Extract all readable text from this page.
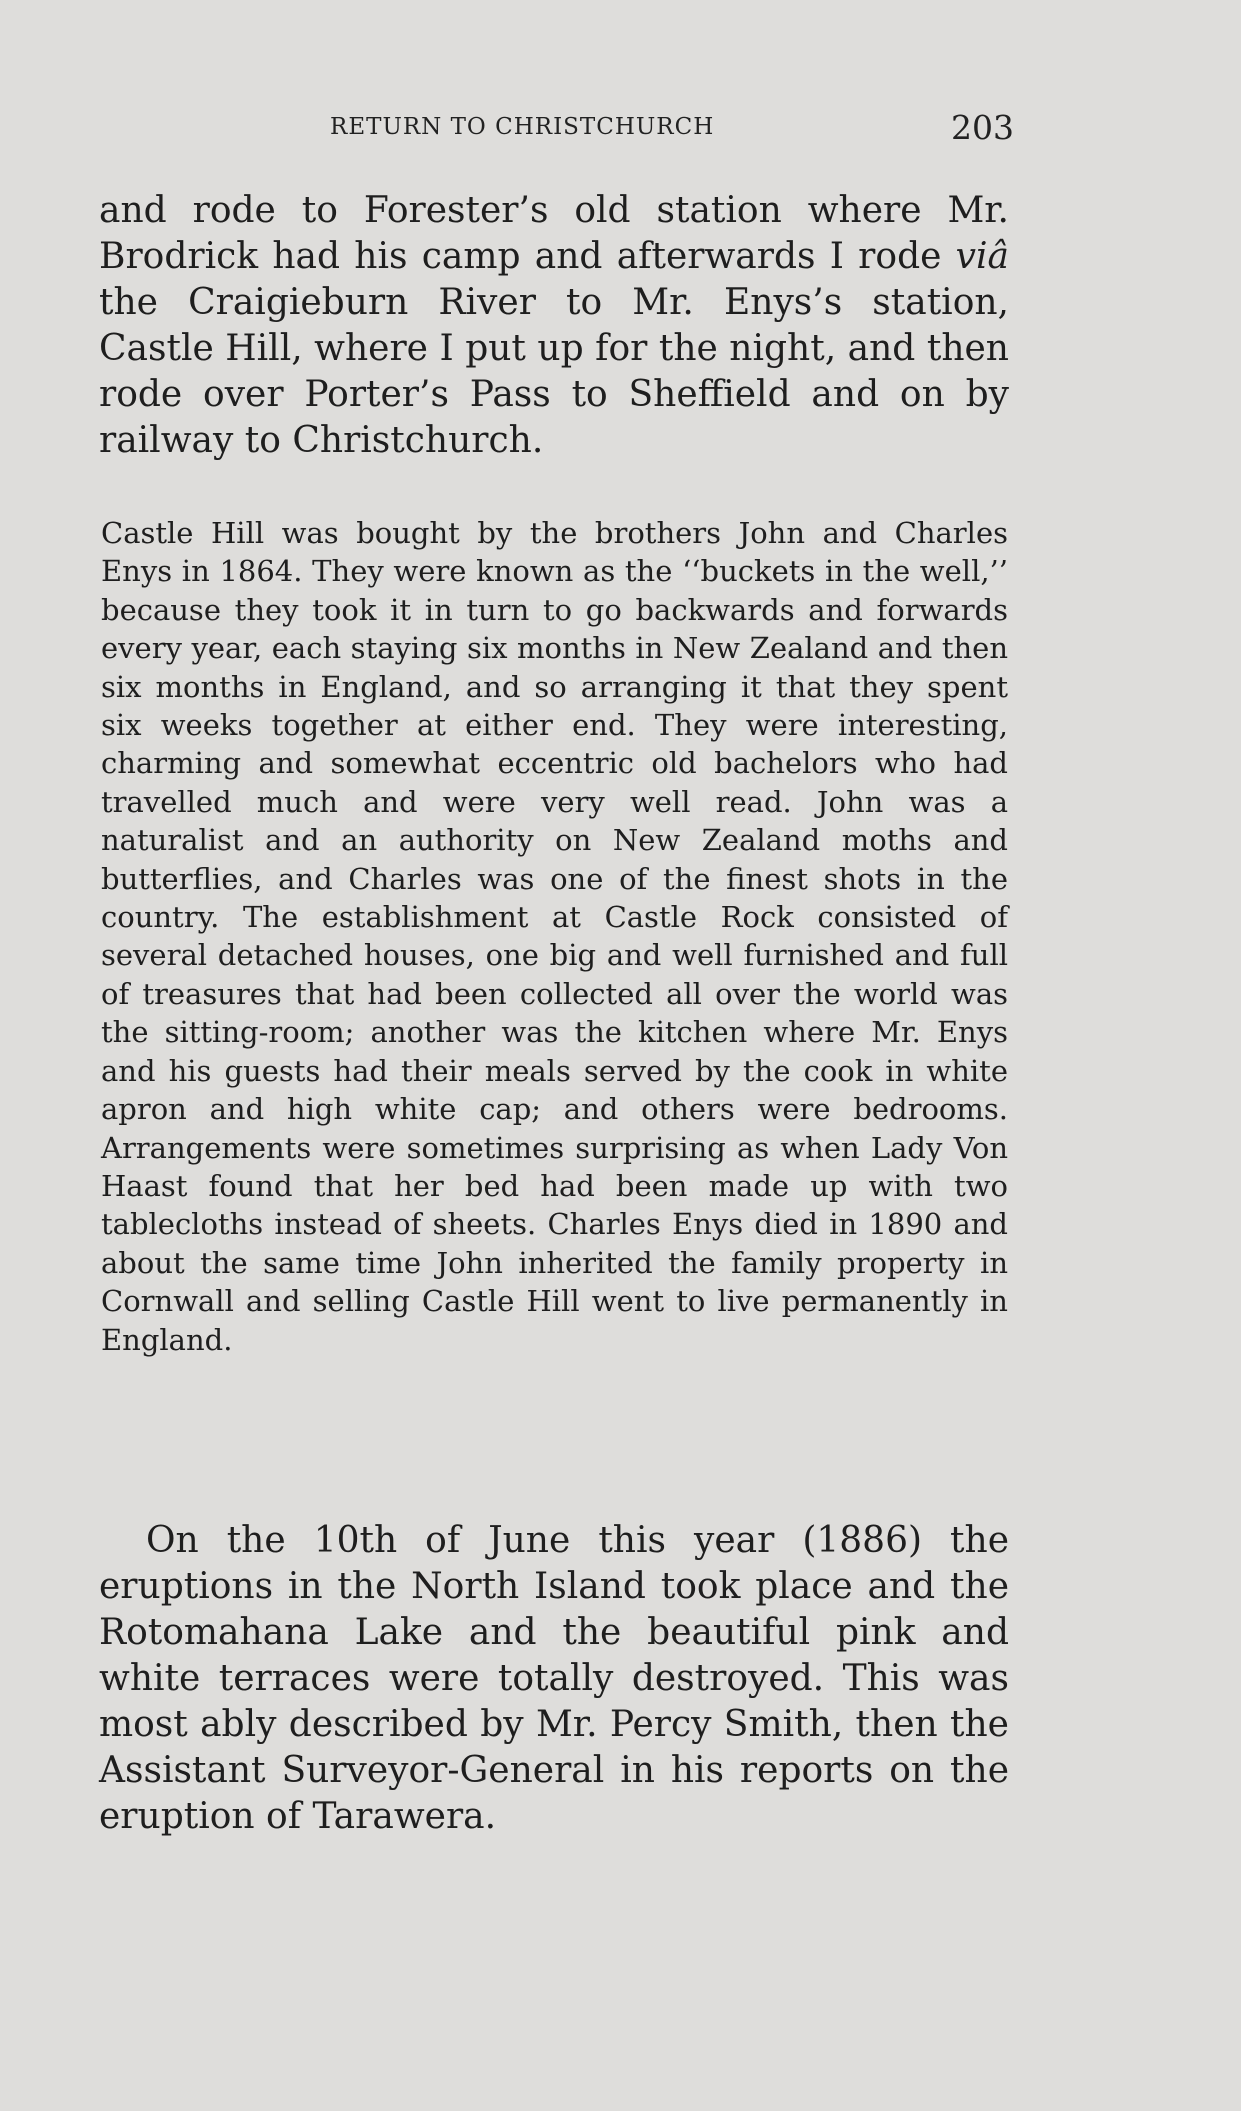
RETURN TO CHRISTCHURCH	203

and rode to Forester’s old station where Mr. Brodrick had his camp and afterwards I rode viâ the Craigieburn River to Mr. Enys’s station, Castle Hill, where I put up for the night, and then rode over Porter’s Pass to Sheffield and on by railway to Christchurch.

Castle Hill was bought by the brothers John and Charles Enys in 1864. They were known as the ‘‘buckets in the well,’’ because they took it in turn to go backwards and forwards every year, each staying six months in New Zealand and then six months in England, and so arranging it that they spent six weeks together at either end. They were interesting, charming and somewhat eccentric old bachelors who had travelled much and were very well read. John was a naturalist and an authority on New Zealand moths and butterflies, and Charles was one of the finest shots in the country. The establishment at Castle Rock consisted of several detached houses, one big and well furnished and full of treasures that had been collected all over the world was the sitting-room; another was the kitchen where Mr. Enys and his guests had their meals served by the cook in white apron and high white cap; and others were bedrooms. Arrangements were sometimes surprising as when Lady Von Haast found that her bed had been made up with two tablecloths instead of sheets. Charles Enys died in 1890 and about the same time John inherited the family property in Cornwall and selling Castle Hill went to live permanently in England.

On the 10th of June this year (1886) the eruptions in the North Island took place and the Rotomahana Lake and the beautiful pink and white terraces were totally destroyed. This was most ably described by Mr. Percy Smith, then the Assistant Surveyor-General in his reports on the eruption of Tarawera.
